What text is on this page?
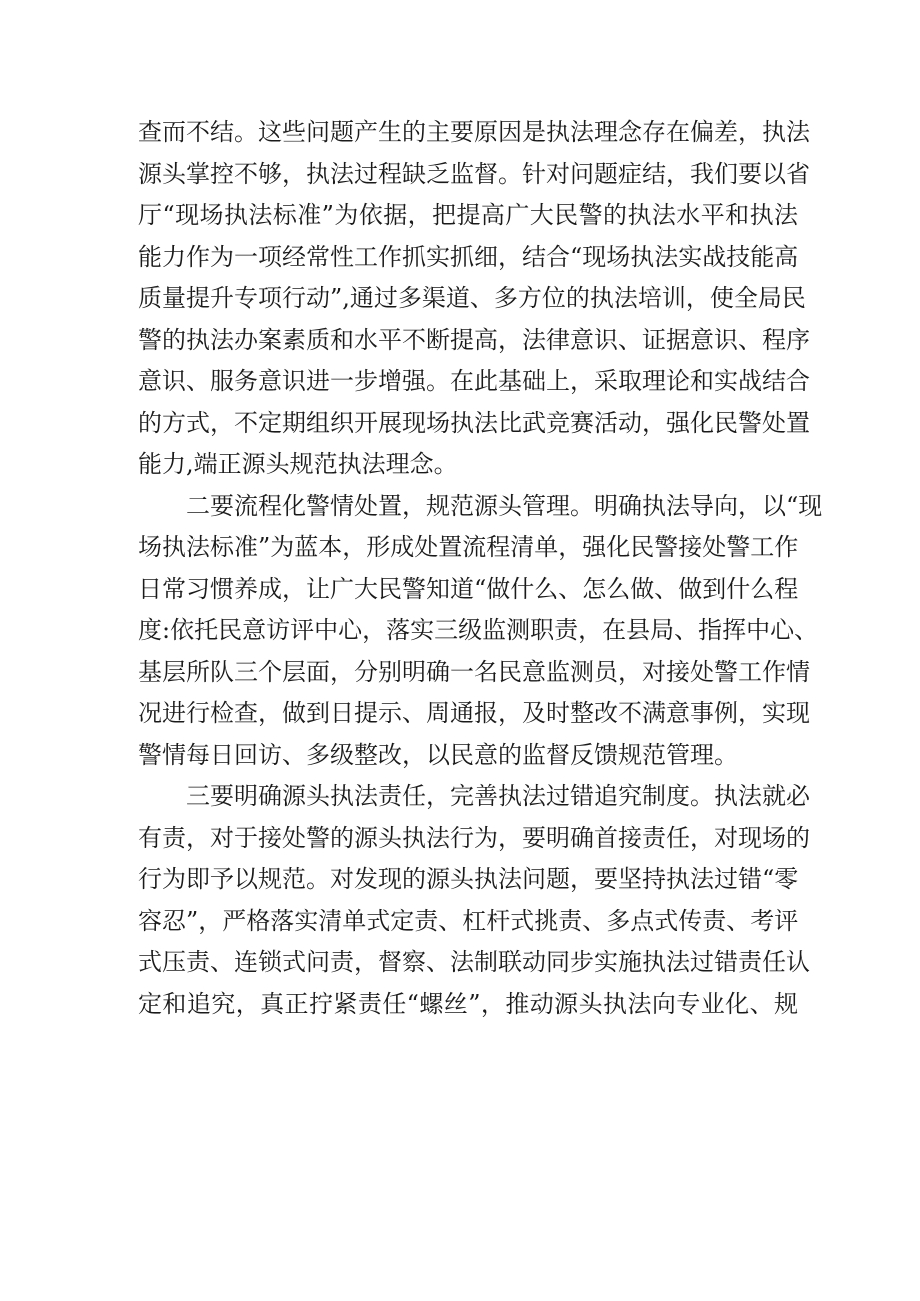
查而不结。这些问题产生的主要原因是执法理念存在偏差，执法
源头掌控不够，执法过程缺乏监督。针对问题症结，我们要以省
厅“现场执法标准”为依据，把提高广大民警的执法水平和执法
能力作为一项经常性工作抓实抓细，结合“现场执法实战技能高
质量提升专项行动”,通过多渠道、多方位的执法培训，使全局民
警的执法办案素质和水平不断提高，法律意识、证据意识、程序
意识、服务意识进一步增强。在此基础上，采取理论和实战结合
的方式，不定期组织开展现场执法比武竞赛活动，强化民警处置
能力,端正源头规范执法理念。
二要流程化警情处置，规范源头管理。明确执法导向，以“现
场执法标准”为蓝本，形成处置流程清单，强化民警接处警工作
日常习惯养成，让广大民警知道“做什么、怎么做、做到什么程
度:依托民意访评中心，落实三级监测职责，在县局、指挥中心、
基层所队三个层面，分别明确一名民意监测员，对接处警工作情
况进行检查，做到日提示、周通报，及时整改不满意事例，实现
警情每日回访、多级整改，以民意的监督反馈规范管理。
三要明确源头执法责任，完善执法过错追究制度。执法就必
有责，对于接处警的源头执法行为，要明确首接责任，对现场的
行为即予以规范。对发现的源头执法问题，要坚持执法过错“零
容忍”，严格落实清单式定责、杠杆式挑责、多点式传责、考评
式压责、连锁式问责，督察、法制联动同步实施执法过错责任认
定和追究，真正拧紧责任“螺丝”，推动源头执法向专业化、规
